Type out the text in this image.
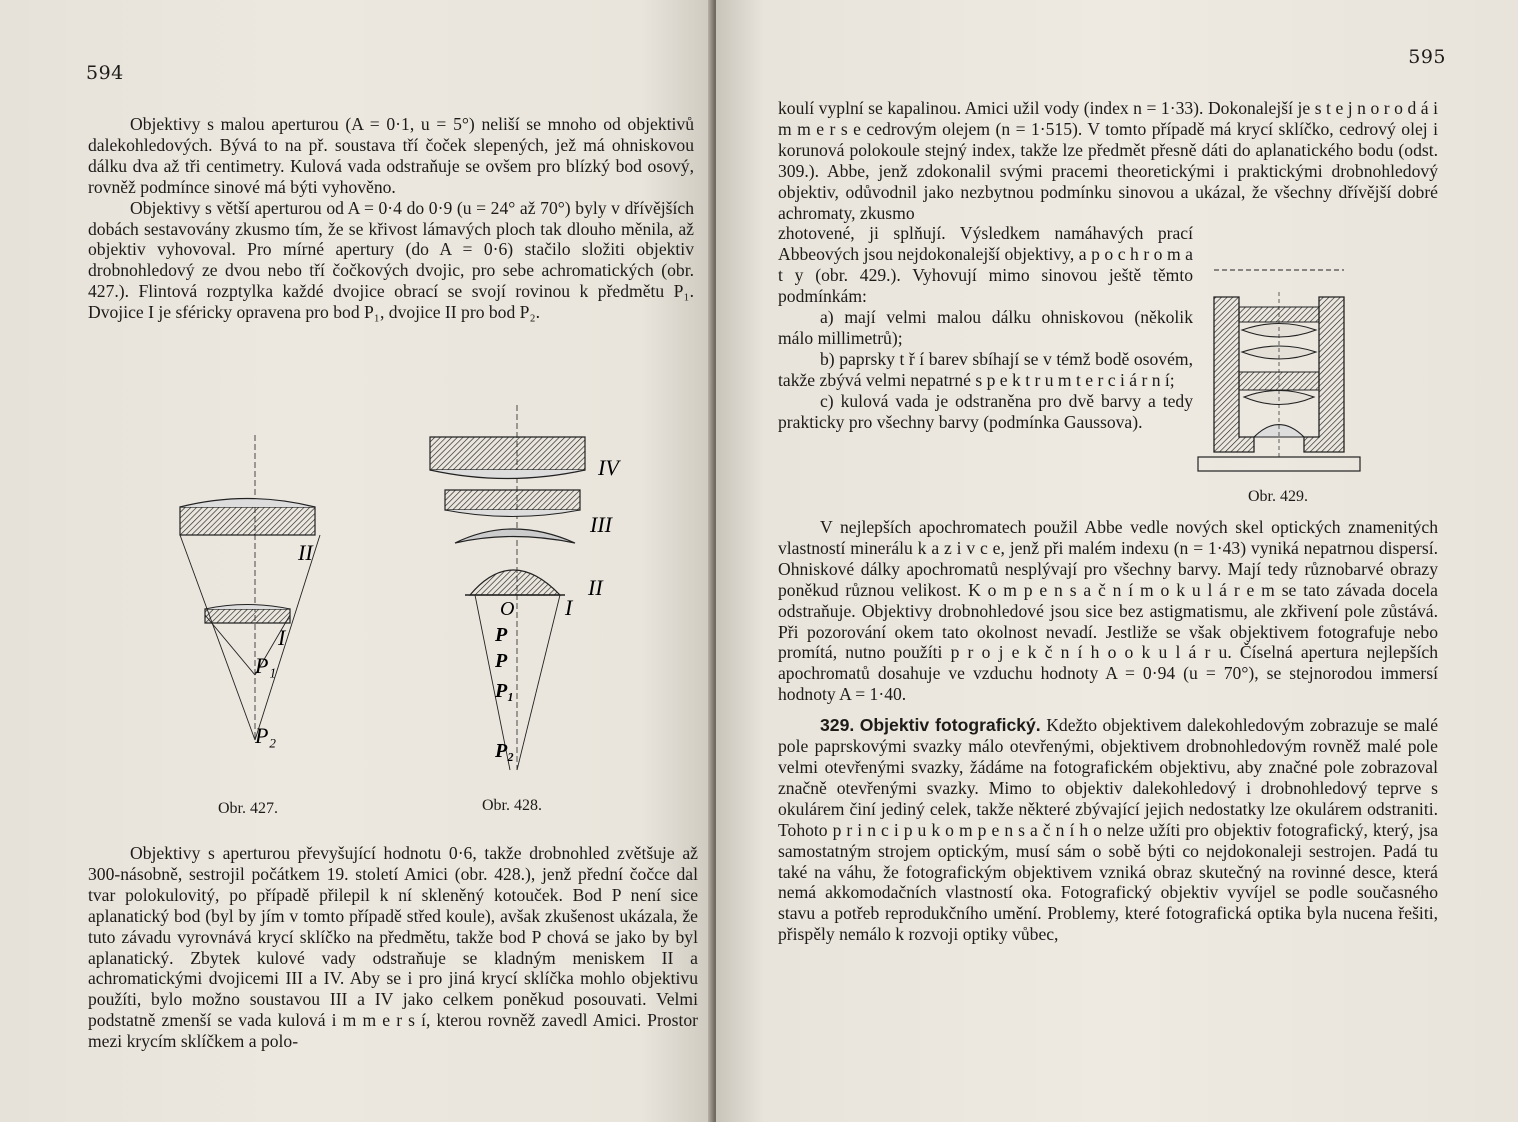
594

Objektivy s malou aperturou (A = 0·1, u = 5°) neliší se mnoho od objektivů dalekohledových. Bývá to na př. soustava tří čoček slepených, jež má ohniskovou dálku dva až tři centimetry. Kulová vada odstraňuje se ovšem pro blízký bod osový, rovněž podmínce sinové má býti vyhověno.

Objektivy s větší aperturou od A = 0·4 do 0·9 (u = 24° až 70°) byly v dřívějších dobách sestavovány zkusmo tím, že se křivost lámavých ploch tak dlouho měnila, až objektiv vyhovoval. Pro mírné apertury (do A = 0·6) stačilo složiti objektiv drobnohledový ze dvou nebo tří čočkových dvojic, pro sebe achromatických (obr. 427.). Flintová rozptylka každé dvojice obrací se svojí rovinou k předmětu P₁. Dvojice I je sféricky opravena pro bod P₁, dvojice II pro bod P₂.

II
I
P₁
P₂
Obr. 427.
IV
III
II
I
O
P
P
P₁
P₂
Obr. 428.

Objektivy s aperturou převyšující hodnotu 0·6, takže drobnohled zvětšuje až 300-násobně, sestrojil počátkem 19. století Amici (obr. 428.), jenž přední čočce dal tvar polokulovitý, po případě přilepil k ní skleněný kotouček. Bod P není sice aplanatický bod (byl by jím v tomto případě střed koule), avšak zkušenost ukázala, že tuto závadu vyrovnává krycí sklíčko na předmětu, takže bod P chová se jako by byl aplanatický. Zbytek kulové vady odstraňuje se kladným meniskem II a achromatickými dvojicemi III a IV. Aby se i pro jiná krycí sklíčka mohlo objektivu použíti, bylo možno soustavou III a IV jako celkem poněkud posouvati. Velmi podstatně zmenší se vada kulová i m m e r s í, kterou rovněž zavedl Amici. Prostor mezi krycím sklíčkem a polo-

595

koulí vyplní se kapalinou. Amici užil vody (index n = 1·33). Dokonalejší je s t e j n o r o d á i m m e r s e cedrovým olejem (n = 1·515). V tomto případě má krycí sklíčko, cedrový olej i korunová polokoule stejný index, takže lze předmět přesně dáti do aplanatického bodu (odst. 309.). Abbe, jenž zdokonalil svými pracemi theoretickými i praktickými drobnohledový objektiv, odůvodnil jako nezbytnou podmínku sinovou a ukázal, že všechny dřívější dobré achromaty, zkusmo

zhotovené, ji splňují. Výsledkem namáhavých prací Abbeových jsou nejdokonalejší objektivy, a p o c h r o m a t y (obr. 429.). Vyhovují mimo sinovou ještě těmto podmínkám:

a) mají velmi malou dálku ohniskovou (několik málo millimetrů);

b) paprsky t ř í barev sbíhají se v témž bodě osovém, takže zbývá velmi nepatrné s p e k t r u m t e r c i á r n í;

c) kulová vada je odstraněna pro dvě barvy a tedy prakticky pro všechny barvy (podmínka Gaussova).

Obr. 429.

V nejlepších apochromatech použil Abbe vedle nových skel optických znamenitých vlastností minerálu k a z i v c e, jenž při malém indexu (n = 1·43) vyniká nepatrnou dispersí. Ohniskové dálky apochromatů nesplývají pro všechny barvy. Mají tedy různobarvé obrazy poněkud různou velikost. K o m p e n s a č n í m o k u l á r e m se tato závada docela odstraňuje. Objektivy drobnohledové jsou sice bez astigmatismu, ale zkřivení pole zůstává. Při pozorování okem tato okolnost nevadí. Jestliže se však objektivem fotografuje nebo promítá, nutno použíti p r o j e k č n í h o o k u l á r u. Číselná apertura nejlepších apochromatů dosahuje ve vzduchu hodnoty A = 0·94 (u = 70°), se stejnorodou immersí hodnoty A = 1·40.

329. Objektiv fotografický. Kdežto objektivem dalekohledovým zobrazuje se malé pole paprskovými svazky málo otevřenými, objektivem drobnohledovým rovněž malé pole velmi otevřenými svazky, žádáme na fotografickém objektivu, aby značné pole zobrazoval značně otevřenými svazky. Mimo to objektiv dalekohledový i drobnohledový teprve s okulárem činí jediný celek, takže některé zbývající jejich nedostatky lze okulárem odstraniti. Tohoto p r i n c i p u k o m p e n s a č n í h o nelze užíti pro objektiv fotografický, který, jsa samostatným strojem optickým, musí sám o sobě býti co nejdokonaleji sestrojen. Padá tu také na váhu, že fotografickým objektivem vzniká obraz skutečný na rovinné desce, která nemá akkomodačních vlastností oka. Fotografický objektiv vyvíjel se podle současného stavu a potřeb reprodukčního umění. Problemy, které fotografická optika byla nucena řešiti, přispěly nemálo k rozvoji optiky vůbec,
